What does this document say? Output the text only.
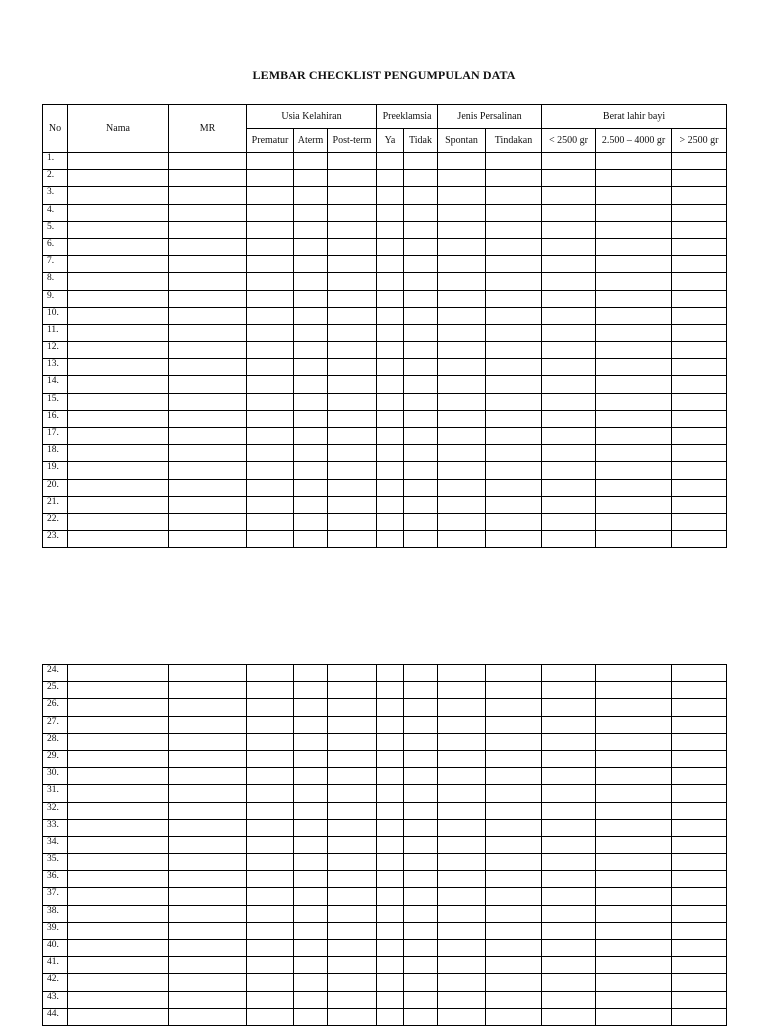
LEMBAR CHECKLIST PENGUMPULAN DATA
No	Nama	MR	Usia Kelahiran			Preeklamsia		Jenis Persalinan		Berat lahir bayi		
			Prematur	Aterm	Post-term	Ya	Tidak	Spontan	Tindakan	< 2500 gr	2.500 – 4000 gr	> 2500 gr
1.												
2.												
3.												
4.												
5.												
6.												
7.												
8.												
9.												
10.												
11.												
12.												
13.												
14.												
15.												
16.												
17.												
18.												
19.												
20.												
21.												
22.												
23.												
24.												
25.												
26.												
27.												
28.												
29.												
30.												
31.												
32.												
33.												
34.												
35.												
36.												
37.												
38.												
39.												
40.												
41.												
42.												
43.												
44.												
